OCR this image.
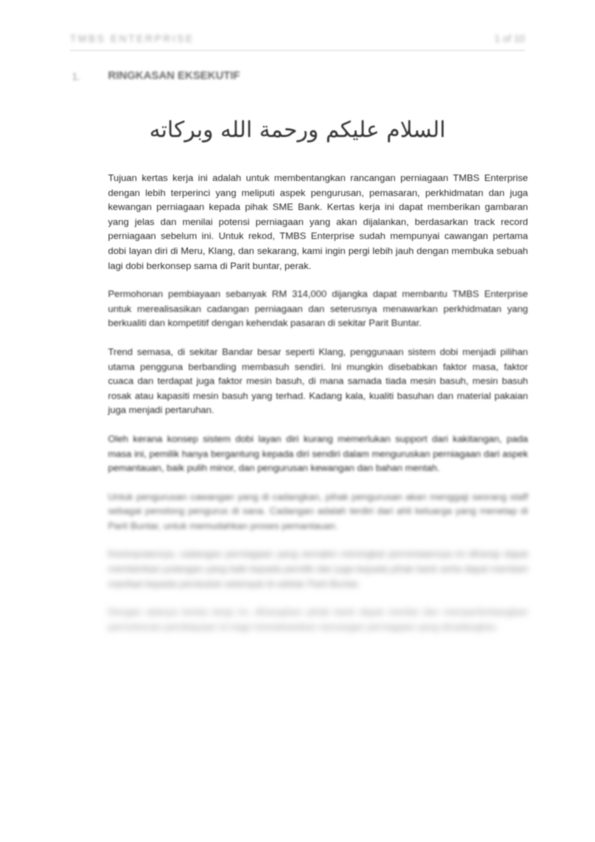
TMBS ENTERPRISE	1 of 10
1.	RINGKASAN EKSEKUTIF
السلام عليكم ورحمة الله وبركاته

Tujuan kertas kerja ini adalah untuk membentangkan rancangan perniagaan TMBS Enterprise dengan lebih terperinci yang meliputi aspek pengurusan, pemasaran, perkhidmatan dan juga kewangan perniagaan kepada pihak SME Bank. Kertas kerja ini dapat memberikan gambaran yang jelas dan menilai potensi perniagaan yang akan dijalankan, berdasarkan track record perniagaan sebelum ini. Untuk rekod, TMBS Enterprise sudah mempunyai cawangan pertama dobi layan diri di Meru, Klang, dan sekarang, kami ingin pergi lebih jauh dengan membuka sebuah lagi dobi berkonsep sama di Parit buntar, perak.

Permohonan pembiayaan sebanyak RM 314,000 dijangka dapat membantu TMBS Enterprise untuk merealisasikan cadangan perniagaan dan seterusnya menawarkan perkhidmatan yang berkualiti dan kompetitif dengan kehendak pasaran di sekitar Parit Buntar.

Trend semasa, di sekitar Bandar besar seperti Klang, penggunaan sistem dobi menjadi pilihan utama pengguna berbanding membasuh sendiri. Ini mungkin disebabkan faktor masa, faktor cuaca dan terdapat juga faktor mesin basuh, di mana samada tiada mesin basuh, mesin basuh rosak atau kapasiti mesin basuh yang terhad. Kadang kala, kualiti basuhan dan material pakaian juga menjadi pertaruhan.

Oleh kerana konsep sistem dobi layan diri kurang memerlukan support dari kakitangan, pada masa ini, pemilik hanya bergantung kepada diri sendiri dalam menguruskan perniagaan dari aspek pemantauan, baik pulih minor, dan pengurusan kewangan dan bahan mentah.

Untuk pengurusan cawangan yang di cadangkan, pihak pengurusan akan menggaji seorang staff sebagai penolong pengurus di sana. Cadangan adalah terdiri dari ahli keluarga yang menetap di Parit Buntar, untuk memudahkan proses pemantauan.

Kesimpulannya, cadangan perniagaan yang semakin meningkat permintaannya ini diharap dapat memberikan pulangan yang baik kepada pemilik dan juga kepada pihak bank serta dapat memberi manfaat kepada penduduk setempat di sekitar Parit Buntar.

Dengan adanya kertas kerja ini, diharapkan pihak bank dapat menilai dan mempertimbangkan permohonan pembiayaan ini bagi merealisasikan rancangan perniagaan yang dicadangkan.
